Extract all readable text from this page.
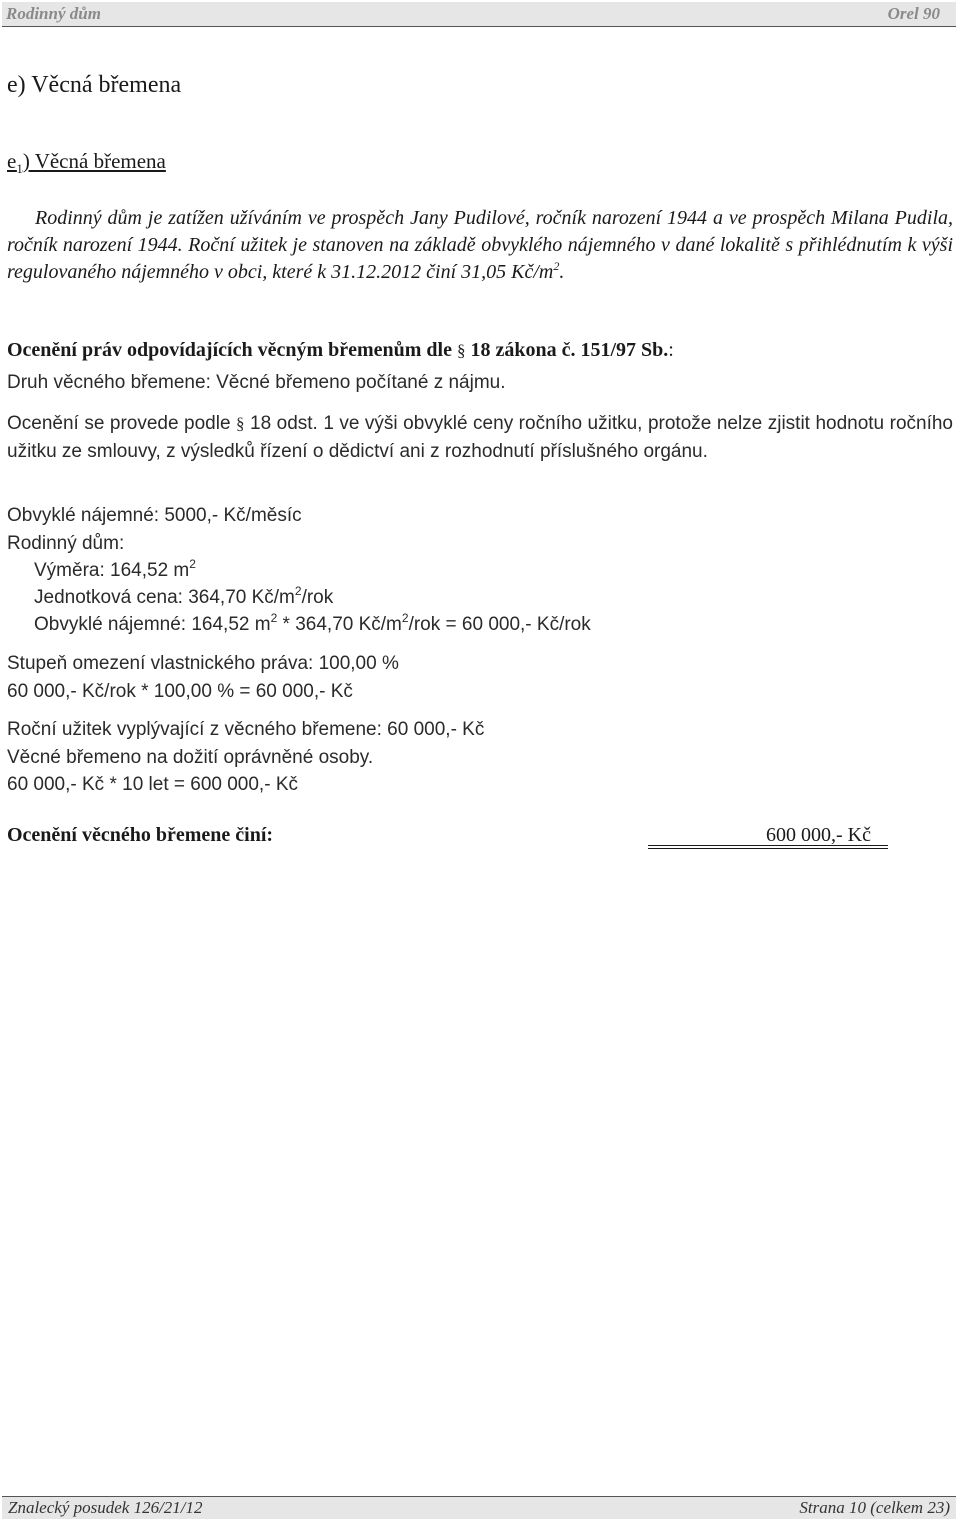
Rodinný dům	Orel 90
e) Věcná břemena
$e_1$) Věcná břemena

Rodinný dům je zatížen užíváním ve prospěch Jany Pudilové, ročník narození 1944 a ve prospěch Milana Pudila, ročník narození 1944. Roční užitek je stanoven na základě obvyklého nájemného v dané lokalitě s přihlédnutím k výši regulovaného nájemného v obci, které k 31.12.2012 činí 31,05 $Kč/m^2$.

Ocenění práv odpovídajících věcným břemenům dle § 18 zákona č. 151/97 Sb.:
Druh věcného břemene: Věcné břemeno počítané z nájmu.

Ocenění se provede podle § 18 odst. 1 ve výši obvyklé ceny ročního užitku, protože nelze zjistit hodnotu ročního užitku ze smlouvy, z výsledků řízení o dědictví ani z rozhodnutí příslušného orgánu.

Obvyklé nájemné: 5000,- Kč/měsíc
Rodinný dům:
Výměra: 164,52 $m^2$
Jednotková cena: 364,70 $Kč/m^2$/rok
Obvyklé nájemné: 164,52 $m^2 * 364,70$ $Kč/m^2$/rok = 60 000,- Kč/rok
Stupeň omezení vlastnického práva: 100,00 %
60 000,- Kč/rok * 100,00 % = 60 000,- Kč
Roční užitek vyplývající z věcného břemene: 60 000,- Kč
Věcné břemeno na dožití oprávněné osoby.
60 000,- Kč * 10 let = 600 000,- Kč
Ocenění věcného břemene činí:	600 000,- Kč
Znalecký posudek 126/21/12	Strana 10 (celkem 23)
